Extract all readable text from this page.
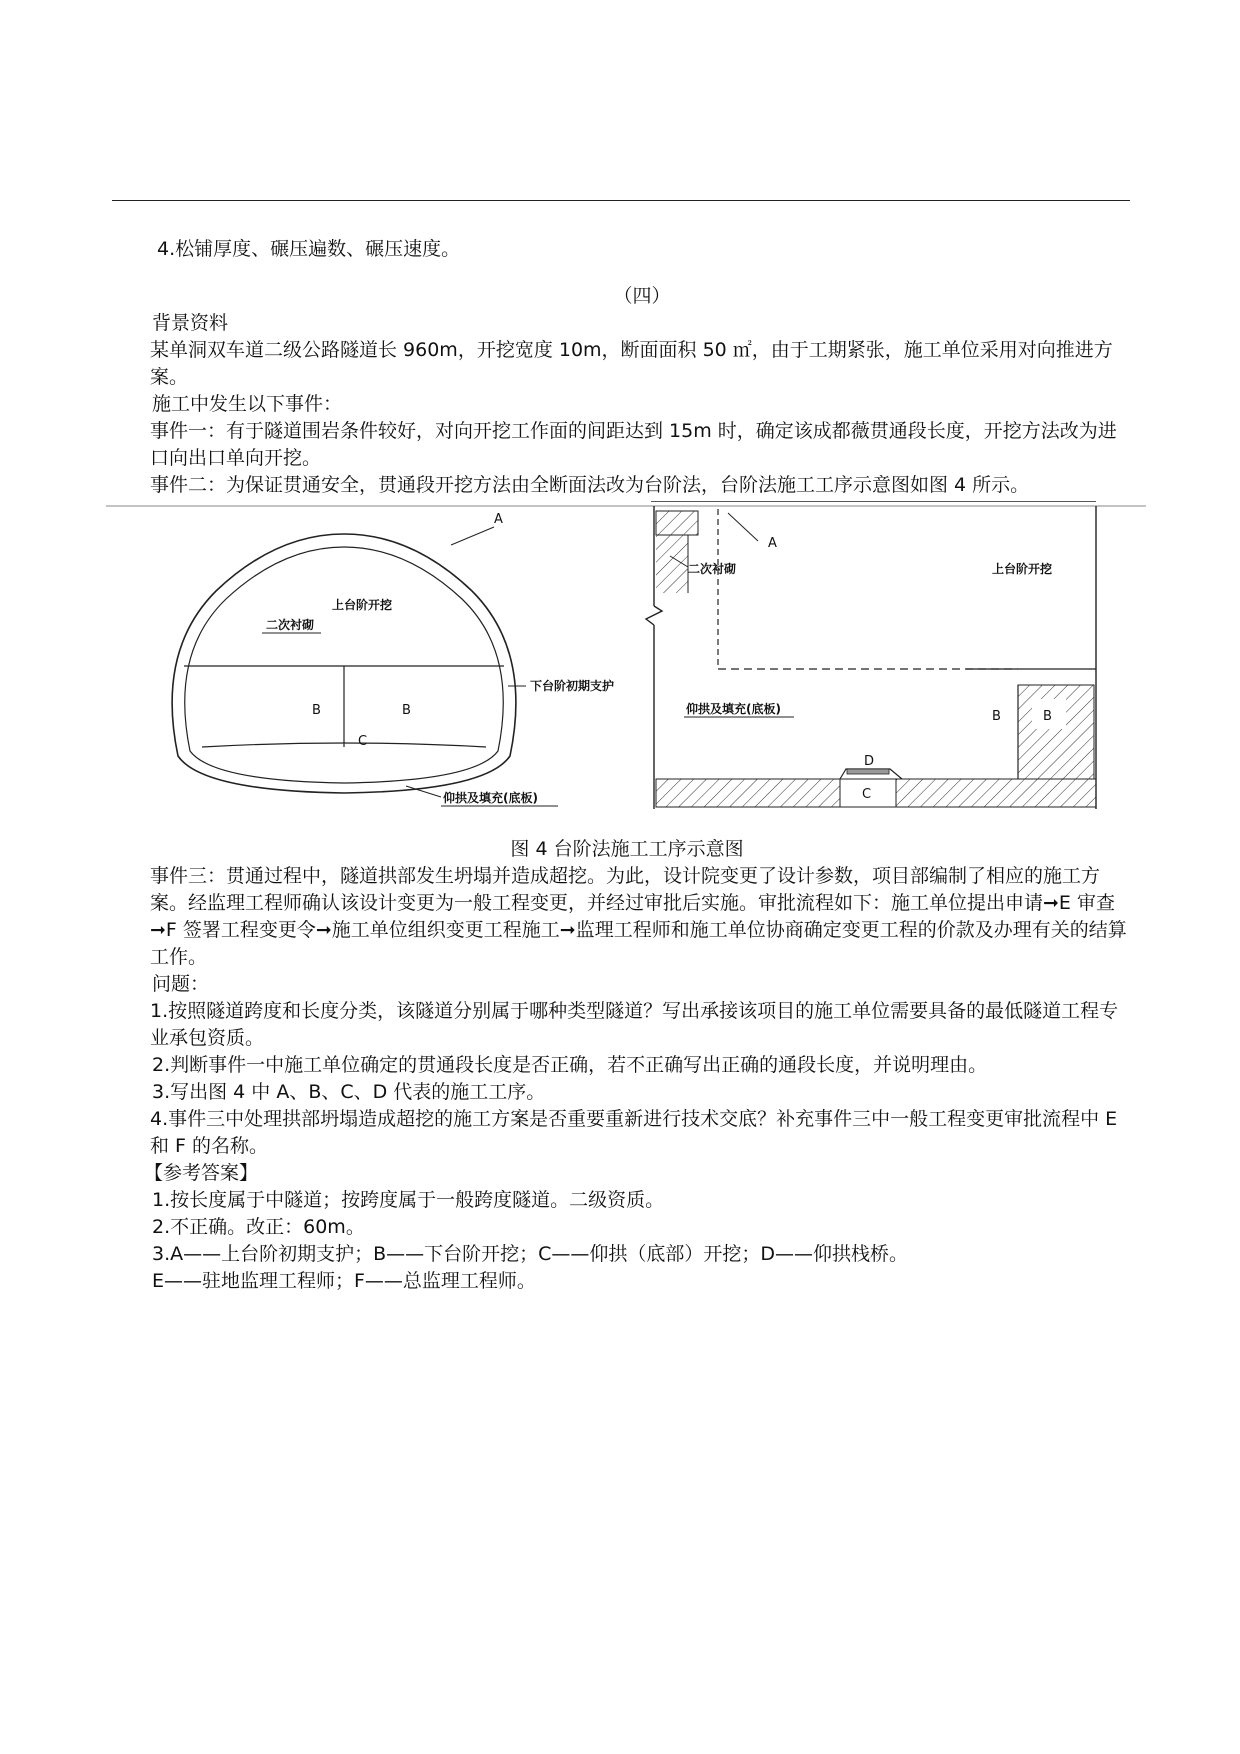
4.松铺厚度、碾压遍数、碾压速度。

（四）

背景资料

某单洞双车道二级公路隧道长 960m，开挖宽度 10m，断面面积 50 ㎡，由于工期紧张，施工单位采用对向推进方案。

施工中发生以下事件：

事件一：有于隧道围岩条件较好，对向开挖工作面的间距达到 15m 时，确定该成都薇贯通段长度，开挖方法改为进口向出口单向开挖。

事件二：为保证贯通安全，贯通段开挖方法由全断面法改为台阶法，台阶法施工工序示意图如图 4 所示。

A
上台阶开挖
二次衬砌
下台阶初期支护
B	B
C
仰拱及填充(底板)
A
二次衬砌	上台阶开挖
仰拱及填充(底板)
D
C
B	B

图 4 台阶法施工工序示意图

事件三：贯通过程中，隧道拱部发生坍塌并造成超挖。为此，设计院变更了设计参数，项目部编制了相应的施工方案。经监理工程师确认该设计变更为一般工程变更，并经过审批后实施。审批流程如下：施工单位提出申请➞E 审查➞F 签署工程变更令➞施工单位组织变更工程施工➞监理工程师和施工单位协商确定变更工程的价款及办理有关的结算工作。

问题：

1.按照隧道跨度和长度分类，该隧道分别属于哪种类型隧道？写出承接该项目的施工单位需要具备的最低隧道工程专业承包资质。

2.判断事件一中施工单位确定的贯通段长度是否正确，若不正确写出正确的通段长度，并说明理由。

3.写出图 4 中 A、B、C、D 代表的施工工序。

4.事件三中处理拱部坍塌造成超挖的施工方案是否重要重新进行技术交底？补充事件三中一般工程变更审批流程中 E 和 F 的名称。

【参考答案】

1.按长度属于中隧道；按跨度属于一般跨度隧道。二级资质。

2.不正确。改正：60m。

3.A——上台阶初期支护；B——下台阶开挖；C——仰拱（底部）开挖；D——仰拱栈桥。

E——驻地监理工程师；F——总监理工程师。
